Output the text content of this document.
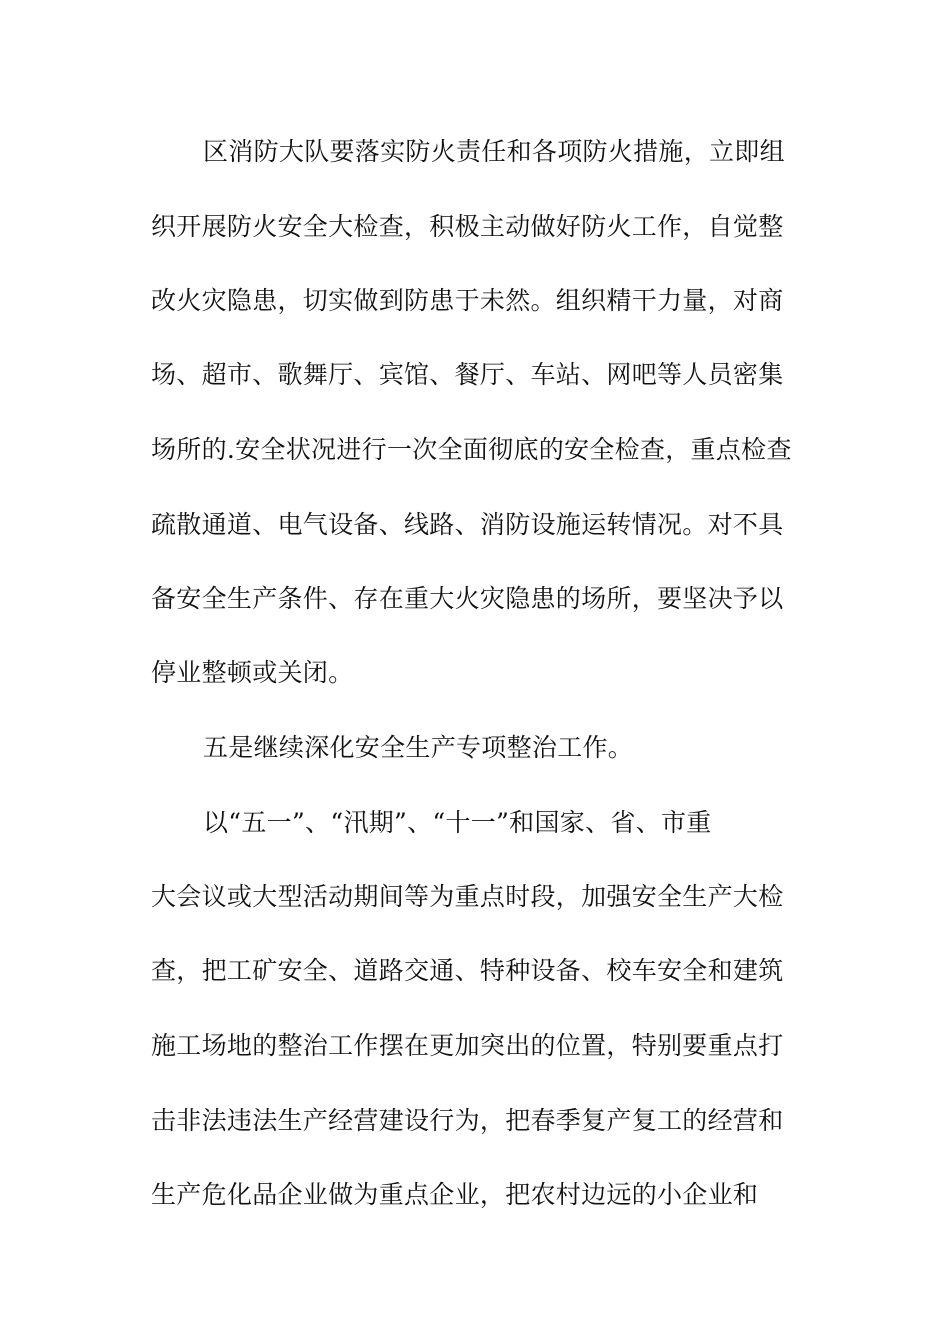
区消防大队要落实防火责任和各项防火措施，立即组
织开展防火安全大检查，积极主动做好防火工作，自觉整
改火灾隐患，切实做到防患于未然。组织精干力量，对商
场、超市、歌舞厅、宾馆、餐厅、车站、网吧等人员密集
场所的.安全状况进行一次全面彻底的安全检查，重点检查
疏散通道、电气设备、线路、消防设施运转情况。对不具
备安全生产条件、存在重大火灾隐患的场所，要坚决予以
停业整顿或关闭。
五是继续深化安全生产专项整治工作。
以“五一”、“汛期”、“十一”和国家、省、市重
大会议或大型活动期间等为重点时段，加强安全生产大检
查，把工矿安全、道路交通、特种设备、校车安全和建筑
施工场地的整治工作摆在更加突出的位置，特别要重点打
击非法违法生产经营建设行为，把春季复产复工的经营和
生产危化品企业做为重点企业，把农村边远的小企业和
